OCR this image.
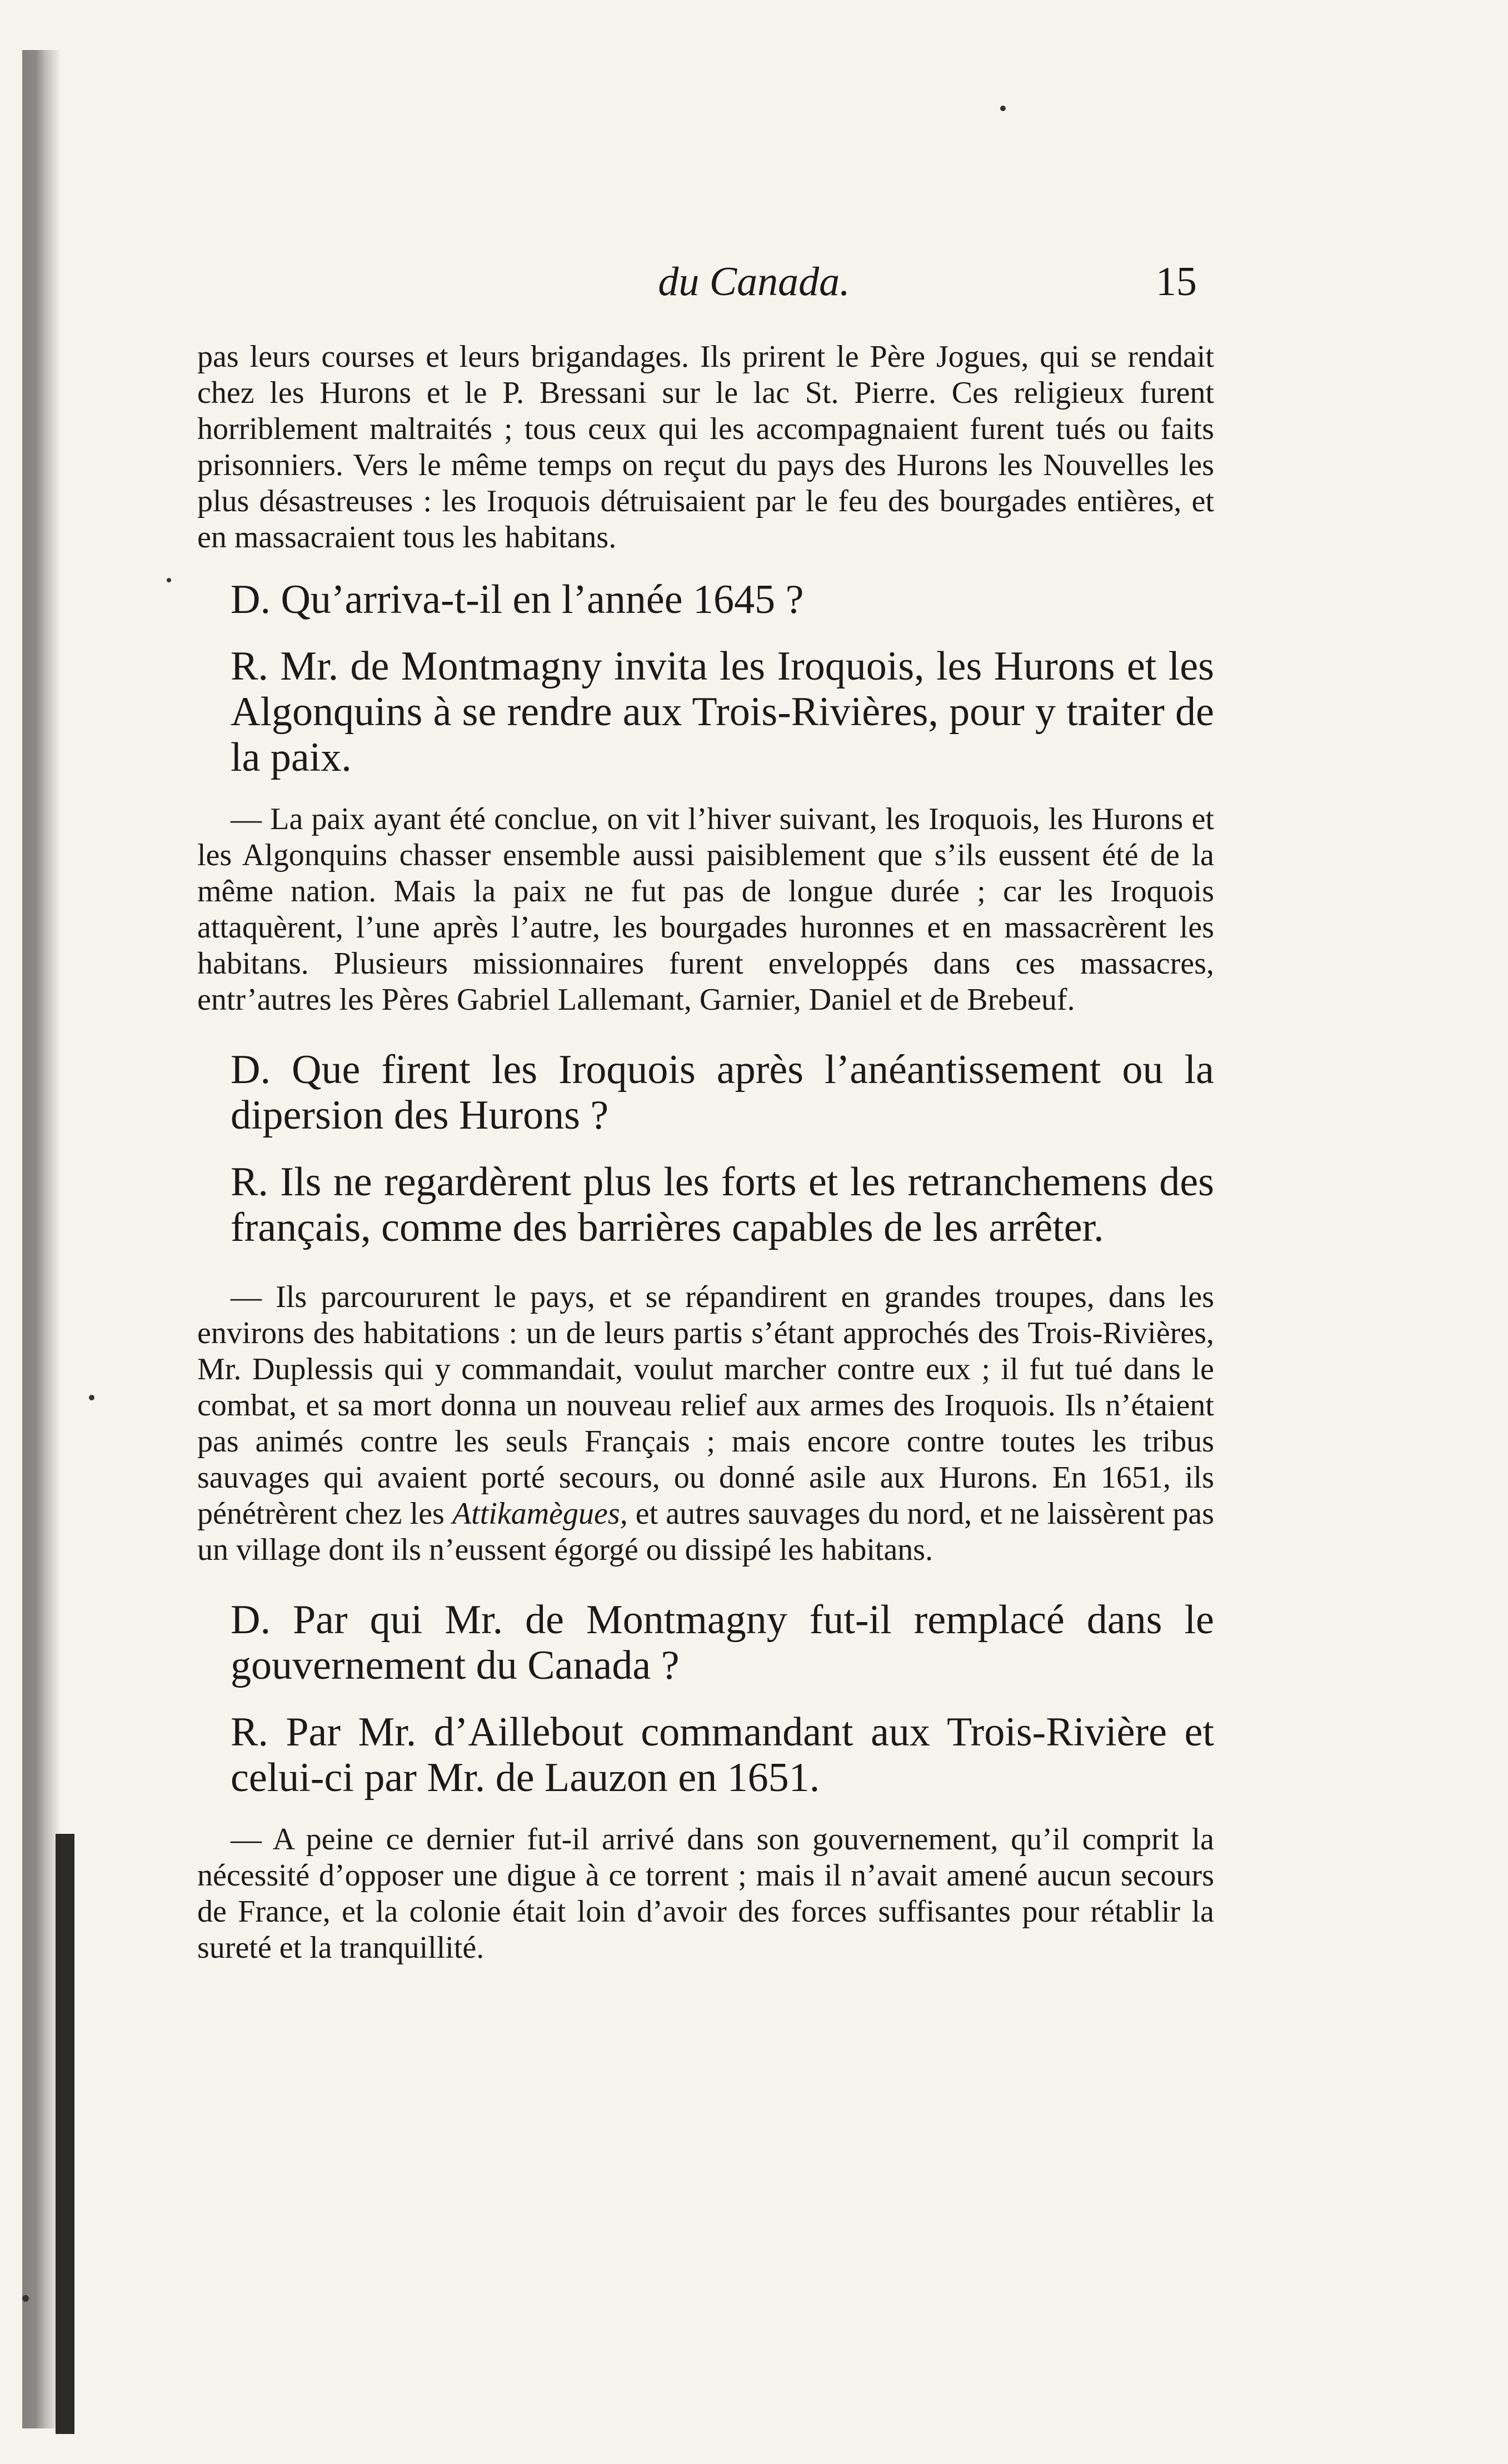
du Canada.	15

pas leurs courses et leurs brigandages. Ils prirent le Père Jogues, qui se rendait chez les Hurons et le P. Bressani sur le lac St. Pierre. Ces religieux furent horriblement maltraités ; tous ceux qui les accompagnaient furent tués ou faits prisonniers. Vers le même temps on reçut du pays des Hurons les Nouvelles les plus désastreuses : les Iroquois détruisaient par le feu des bourgades entières, et en massacraient tous les habitans.

D. Qu’arriva-t-il en l’année 1645 ?

R. Mr. de Montmagny invita les Iroquois, les Hurons et les Algonquins à se rendre aux Trois-Rivières, pour y traiter de la paix.

— La paix ayant été conclue, on vit l’hiver suivant, les Iroquois, les Hurons et les Algonquins chasser ensemble aussi paisiblement que s’ils eussent été de la même nation. Mais la paix ne fut pas de longue durée ; car les Iroquois attaquèrent, l’une après l’autre, les bourgades huronnes et en massacrèrent les habitans. Plusieurs missionnaires furent enveloppés dans ces massacres, entr’autres les Pères Gabriel Lallemant, Garnier, Daniel et de Brebeuf.

D. Que firent les Iroquois après l’anéantissement ou la dipersion des Hurons ?

R. Ils ne regardèrent plus les forts et les retranchemens des français, comme des barrières capables de les arrêter.

— Ils parcoururent le pays, et se répandirent en grandes troupes, dans les environs des habitations : un de leurs partis s’étant approchés des Trois-Rivières, Mr. Duplessis qui y commandait, voulut marcher contre eux ; il fut tué dans le combat, et sa mort donna un nouveau relief aux armes des Iroquois. Ils n’étaient pas animés contre les seuls Français ; mais encore contre toutes les tribus sauvages qui avaient porté secours, ou donné asile aux Hurons. En 1651, ils pénétrèrent chez les Attikamègues, et autres sauvages du nord, et ne laissèrent pas un village dont ils n’eussent égorgé ou dissipé les habitans.

D. Par qui Mr. de Montmagny fut-il remplacé dans le gouvernement du Canada ?

R. Par Mr. d’Aillebout commandant aux Trois-Rivière et celui-ci par Mr. de Lauzon en 1651.

— A peine ce dernier fut-il arrivé dans son gouvernement, qu’il comprit la nécessité d’opposer une digue à ce torrent ; mais il n’avait amené aucun secours de France, et la colonie était loin d’avoir des forces suffisantes pour rétablir la sureté et la tranquillité.
